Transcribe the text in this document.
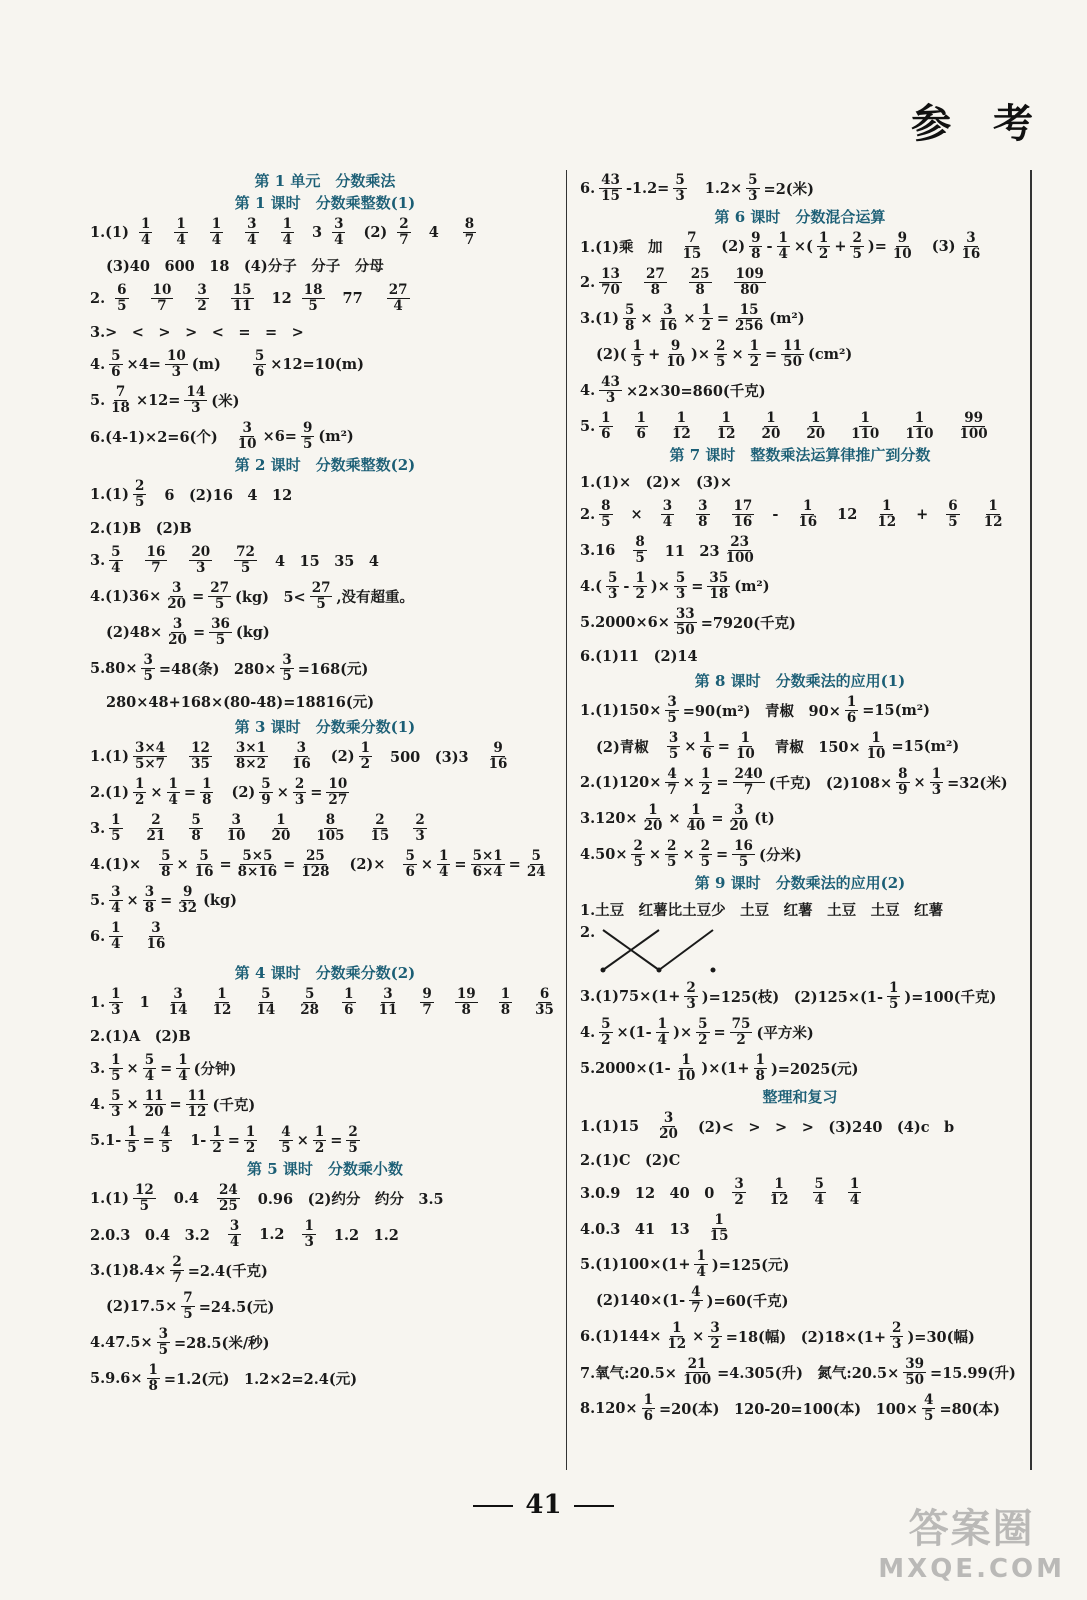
参 考

第 1 单元　分数乘法

第 1 课时　分数乘整数(1)

$1.(1) \frac{1}{4} \frac{1}{4} \frac{1}{4} \frac{3}{4} \frac{1}{4} 3 \frac{3}{4} (2) \frac{2}{7} 4 \frac{8}{7}$
(3)40　600　18　(4)分子　分子　分母
2. $\frac{6}{5} \frac{10}{7} \frac{3}{2} \frac{15}{11} 12 \frac{18}{5} 77 \frac{27}{4}$
3.>　<　>　>　<　=　=　>
4. $\frac{5}{6} \times 4= \frac{10}{3} (m) \frac{5}{6} \times 12=10(m)$
5. $\frac{7}{18} \times 12= \frac{14}{3}$ (米)
6.(4-1)×2=6(个) $\frac{3}{10} \times 6= \frac{9}{5} (m^2)$

第 2 课时　分数乘整数(2)

$1.(1) \frac{2}{5} 6$　(2)16　4　12
2.(1)B　(2)B
3. $\frac{5}{4} \frac{16}{7} \frac{20}{3} \frac{72}{5} 4$　15　35　4
$4.(1)36\times \frac{3}{20} = \frac{27}{5} (kg)$　$5< \frac{27}{5}$ ,没有超重。
$(2)48\times \frac{3}{20} = \frac{36}{5} (kg)$
$5.80\times \frac{3}{5} =48$(条)　$280\times \frac{3}{5} =168$(元)
280×48+168×(80-48)=18816(元)

第 3 课时　分数乘分数(1)

$1.(1) \frac{3\times 4}{5\times 7} \frac{12}{35} \frac{3\times 1}{8\times 2} \frac{3}{16} (2) \frac{1}{2} 500$　$(3)3 \frac{9}{16}$
$2.(1) \frac{1}{2} \times \frac{1}{4} = \frac{1}{8} (2) \frac{5}{9} \times \frac{2}{3} = \frac{10}{27}$
3. $\frac{1}{5} \frac{2}{21} \frac{5}{8} \frac{3}{10} \frac{1}{20} \frac{8}{105} \frac{2}{15} \frac{2}{3}$
$4.(1)\times \frac{5}{8} \times \frac{5}{16} = \frac{5\times 5}{8\times 16} = \frac{25}{128} (2)\times \frac{5}{6} \times \frac{1}{4} = \frac{5\times 1}{6\times 4} = \frac{5}{24}$
5. $\frac{3}{4} \times \frac{3}{8} = \frac{9}{32} (kg)$
6. $\frac{1}{4} \frac{3}{16}$

第 4 课时　分数乘分数(2)

1. $\frac{1}{3} 1 \frac{3}{14} \frac{1}{12} \frac{5}{14} \frac{5}{28} \frac{1}{6} \frac{3}{11} \frac{9}{7} \frac{19}{8} \frac{1}{8} \frac{6}{35}$
2.(1)A　(2)B
3. $\frac{1}{5} \times \frac{5}{4} = \frac{1}{4}$ (分钟)
4. $\frac{5}{3} \times \frac{11}{20} = \frac{11}{12}$ (千克)
$5.1- \frac{1}{5} = \frac{4}{5} 1- \frac{1}{2} = \frac{1}{2} \frac{4}{5} \times \frac{1}{2} = \frac{2}{5}$

第 5 课时　分数乘小数

$1.(1) \frac{12}{5} 0.4 \frac{24}{25} 0.96$　(2)约分　约分　3.5
2.0.3　0.4　$3.2 \frac{3}{4} 1.2 \frac{1}{3} 1.2$　1.2
$3.(1)8.4\times \frac{2}{7} =2.4$(千克)
$(2)17.5\times \frac{7}{5} =24.5$(元)
$4.47.5\times \frac{3}{5} =28.5$(米/秒)
$5.9.6\times \frac{1}{8} =1.2$(元)　1.2×2=2.4(元)
6. $\frac{43}{15} -1.2= \frac{5}{3} 1.2\times \frac{5}{3} =2$(米)

第 6 课时　分数混合运算

1.(1)乘　加 $\frac{7}{15} (2) \frac{9}{8} - \frac{1}{4}$ ×( $\frac{1}{2} + \frac{2}{5}$ )= $\frac{9}{10} (3) \frac{3}{16}$
2. $\frac{13}{70} \frac{27}{8} \frac{25}{8} \frac{109}{80}$
$3.(1) \frac{5}{8} \times \frac{3}{16} \times \frac{1}{2} = \frac{15}{256} (m^2)$
$(2)( \frac{1}{5} + \frac{9}{10}$ )× $\frac{2}{5} \times \frac{1}{2} = \frac{11}{50} (cm^2)$
4. $\frac{43}{3} \times 2\times 30=860$(千克)
5. $\frac{1}{6} \frac{1}{6} \frac{1}{12} \frac{1}{12} \frac{1}{20} \frac{1}{20} \frac{1}{110} \frac{1}{110} \frac{99}{100}$

第 7 课时　整数乘法运算律推广到分数

1.(1)×　(2)×　(3)×
2. $\frac{8}{5} \times \frac{3}{4} \frac{3}{8} \frac{17}{16} - \frac{1}{16} 12 \frac{1}{12} + \frac{6}{5} \frac{1}{12}$
$3.16 \frac{8}{5} 11$　$23 \frac{23}{100}$
$4.( \frac{5}{3} - \frac{1}{2}$ )× $\frac{5}{3} = \frac{35}{18} (m^2)$
$5.2000\times 6\times \frac{33}{50} =7920$(千克)
6.(1)11　(2)14

第 8 课时　分数乘法的应用(1)

$1.(1)150\times \frac{3}{5} =90(m^2)$　青椒　$90\times \frac{1}{6} =15(m^2)$
(2)青椒 $\frac{3}{5} \times \frac{1}{6} = \frac{1}{10}$ 青椒　$150\times \frac{1}{10} =15(m^2)$
$2.(1)120\times \frac{4}{7} \times \frac{1}{2} = \frac{240}{7}$ (千克)　$(2)108\times \frac{8}{9} \times \frac{1}{3} =32$(米)
$3.120\times \frac{1}{20} \times \frac{1}{40} = \frac{3}{20} (t)$
$4.50\times \frac{2}{5} \times \frac{2}{5} \times \frac{2}{5} = \frac{16}{5}$ (分米)

第 9 课时　分数乘法的应用(2)

1.土豆　红薯比土豆少　土豆　红薯　土豆　土豆　红薯
2.
$3.(1)75\times(1+ \frac{2}{3} )=125$(枝)　$(2)125\times(1- \frac{1}{5} )=100$(千克)
4. $\frac{5}{2} \times(1- \frac{1}{4}$ )× $\frac{5}{2} = \frac{75}{2}$ (平方米)
$5.2000\times(1- \frac{1}{10} )\times(1+ \frac{1}{8} )=2025$(元)

整理和复习

$1.(1)15 \frac{3}{20} (2)<$　>　>　>　(3)240　(4)c　b
2.(1)C　(2)C
3.0.9　12　40　$0 \frac{3}{2} \frac{1}{12} \frac{5}{4} \frac{1}{4}$
4.0.3　41　$13 \frac{1}{15}$
$5.(1)100\times(1+ \frac{1}{4} )=125$(元)
$(2)140\times(1- \frac{4}{7} )=60$(千克)
$6.(1)144\times \frac{1}{12} \times \frac{3}{2} =18$(幅)　$(2)18\times(1+ \frac{2}{3} )=30$(幅)
7.氧气:20.5× $\frac{21}{100} =4.305$(升)　氮气:20.5× $\frac{39}{50} =15.99$(升)
$8.120\times \frac{1}{6} =20$(本)　120-20=100(本)　$100\times \frac{4}{5} =80$(本)
41
答案圈
MXQE.COM
